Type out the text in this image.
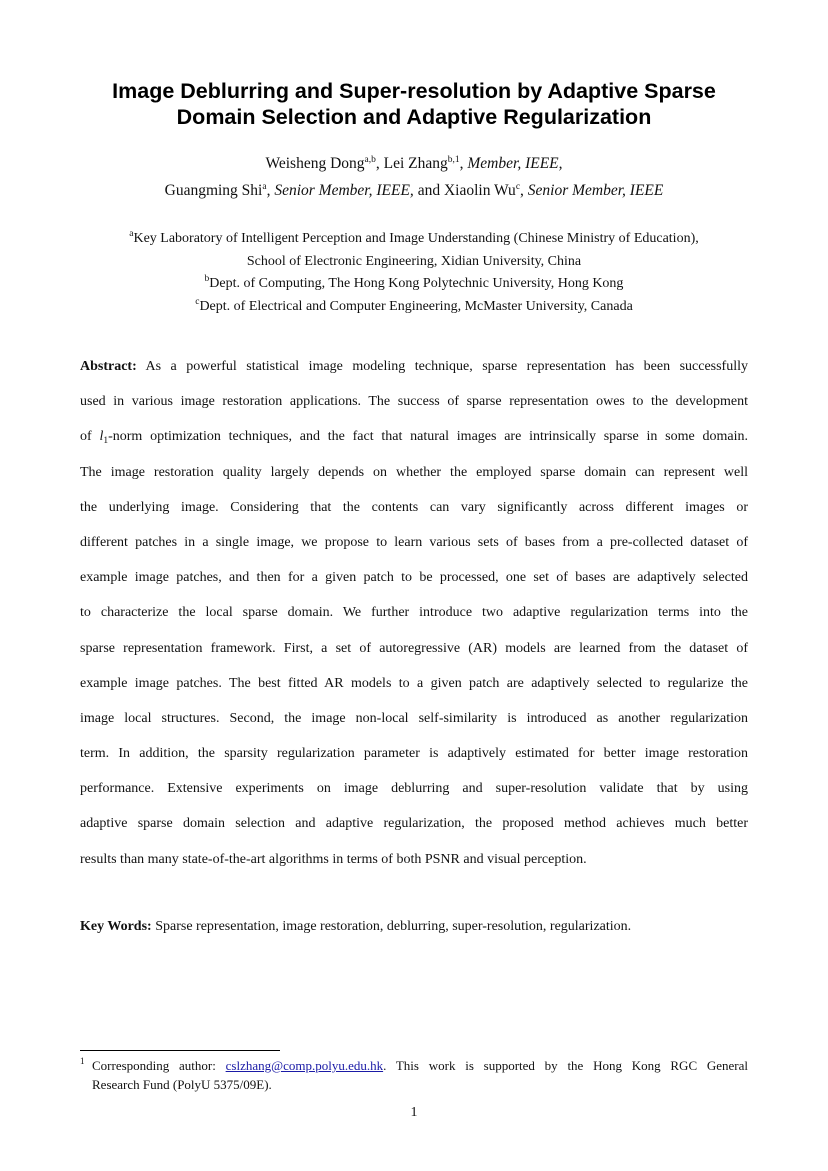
Image Deblurring and Super-resolution by Adaptive Sparse
Domain Selection and Adaptive Regularization
Weisheng Dong$^{a,b}$, Lei Zhang$^{b,1}$, Member, IEEE,
Guangming Shi$^a$, Senior Member, IEEE, and Xiaolin Wu$^c$, Senior Member, IEEE
$^a$Key Laboratory of Intelligent Perception and Image Understanding (Chinese Ministry of Education),
School of Electronic Engineering, Xidian University, China
$^b$Dept. of Computing, The Hong Kong Polytechnic University, Hong Kong
$^c$Dept. of Electrical and Computer Engineering, McMaster University, Canada
Abstract: As a powerful statistical image modeling technique, sparse representation has been successfully
used in various image restoration applications. The success of sparse representation owes to the development
of $l_1$-norm optimization techniques, and the fact that natural images are intrinsically sparse in some domain.
The image restoration quality largely depends on whether the employed sparse domain can represent well
the underlying image. Considering that the contents can vary significantly across different images or
different patches in a single image, we propose to learn various sets of bases from a pre-collected dataset of
example image patches, and then for a given patch to be processed, one set of bases are adaptively selected
to characterize the local sparse domain. We further introduce two adaptive regularization terms into the
sparse representation framework. First, a set of autoregressive (AR) models are learned from the dataset of
example image patches. The best fitted AR models to a given patch are adaptively selected to regularize the
image local structures. Second, the image non-local self-similarity is introduced as another regularization
term. In addition, the sparsity regularization parameter is adaptively estimated for better image restoration
performance. Extensive experiments on image deblurring and super-resolution validate that by using
adaptive sparse domain selection and adaptive regularization, the proposed method achieves much better
results than many state-of-the-art algorithms in terms of both PSNR and visual perception.
Key Words: Sparse representation, image restoration, deblurring, super-resolution, regularization.
1 Corresponding author: cslzhang@comp.polyu.edu.hk. This work is supported by the Hong Kong RGC General
Research Fund (PolyU 5375/09E).
1
